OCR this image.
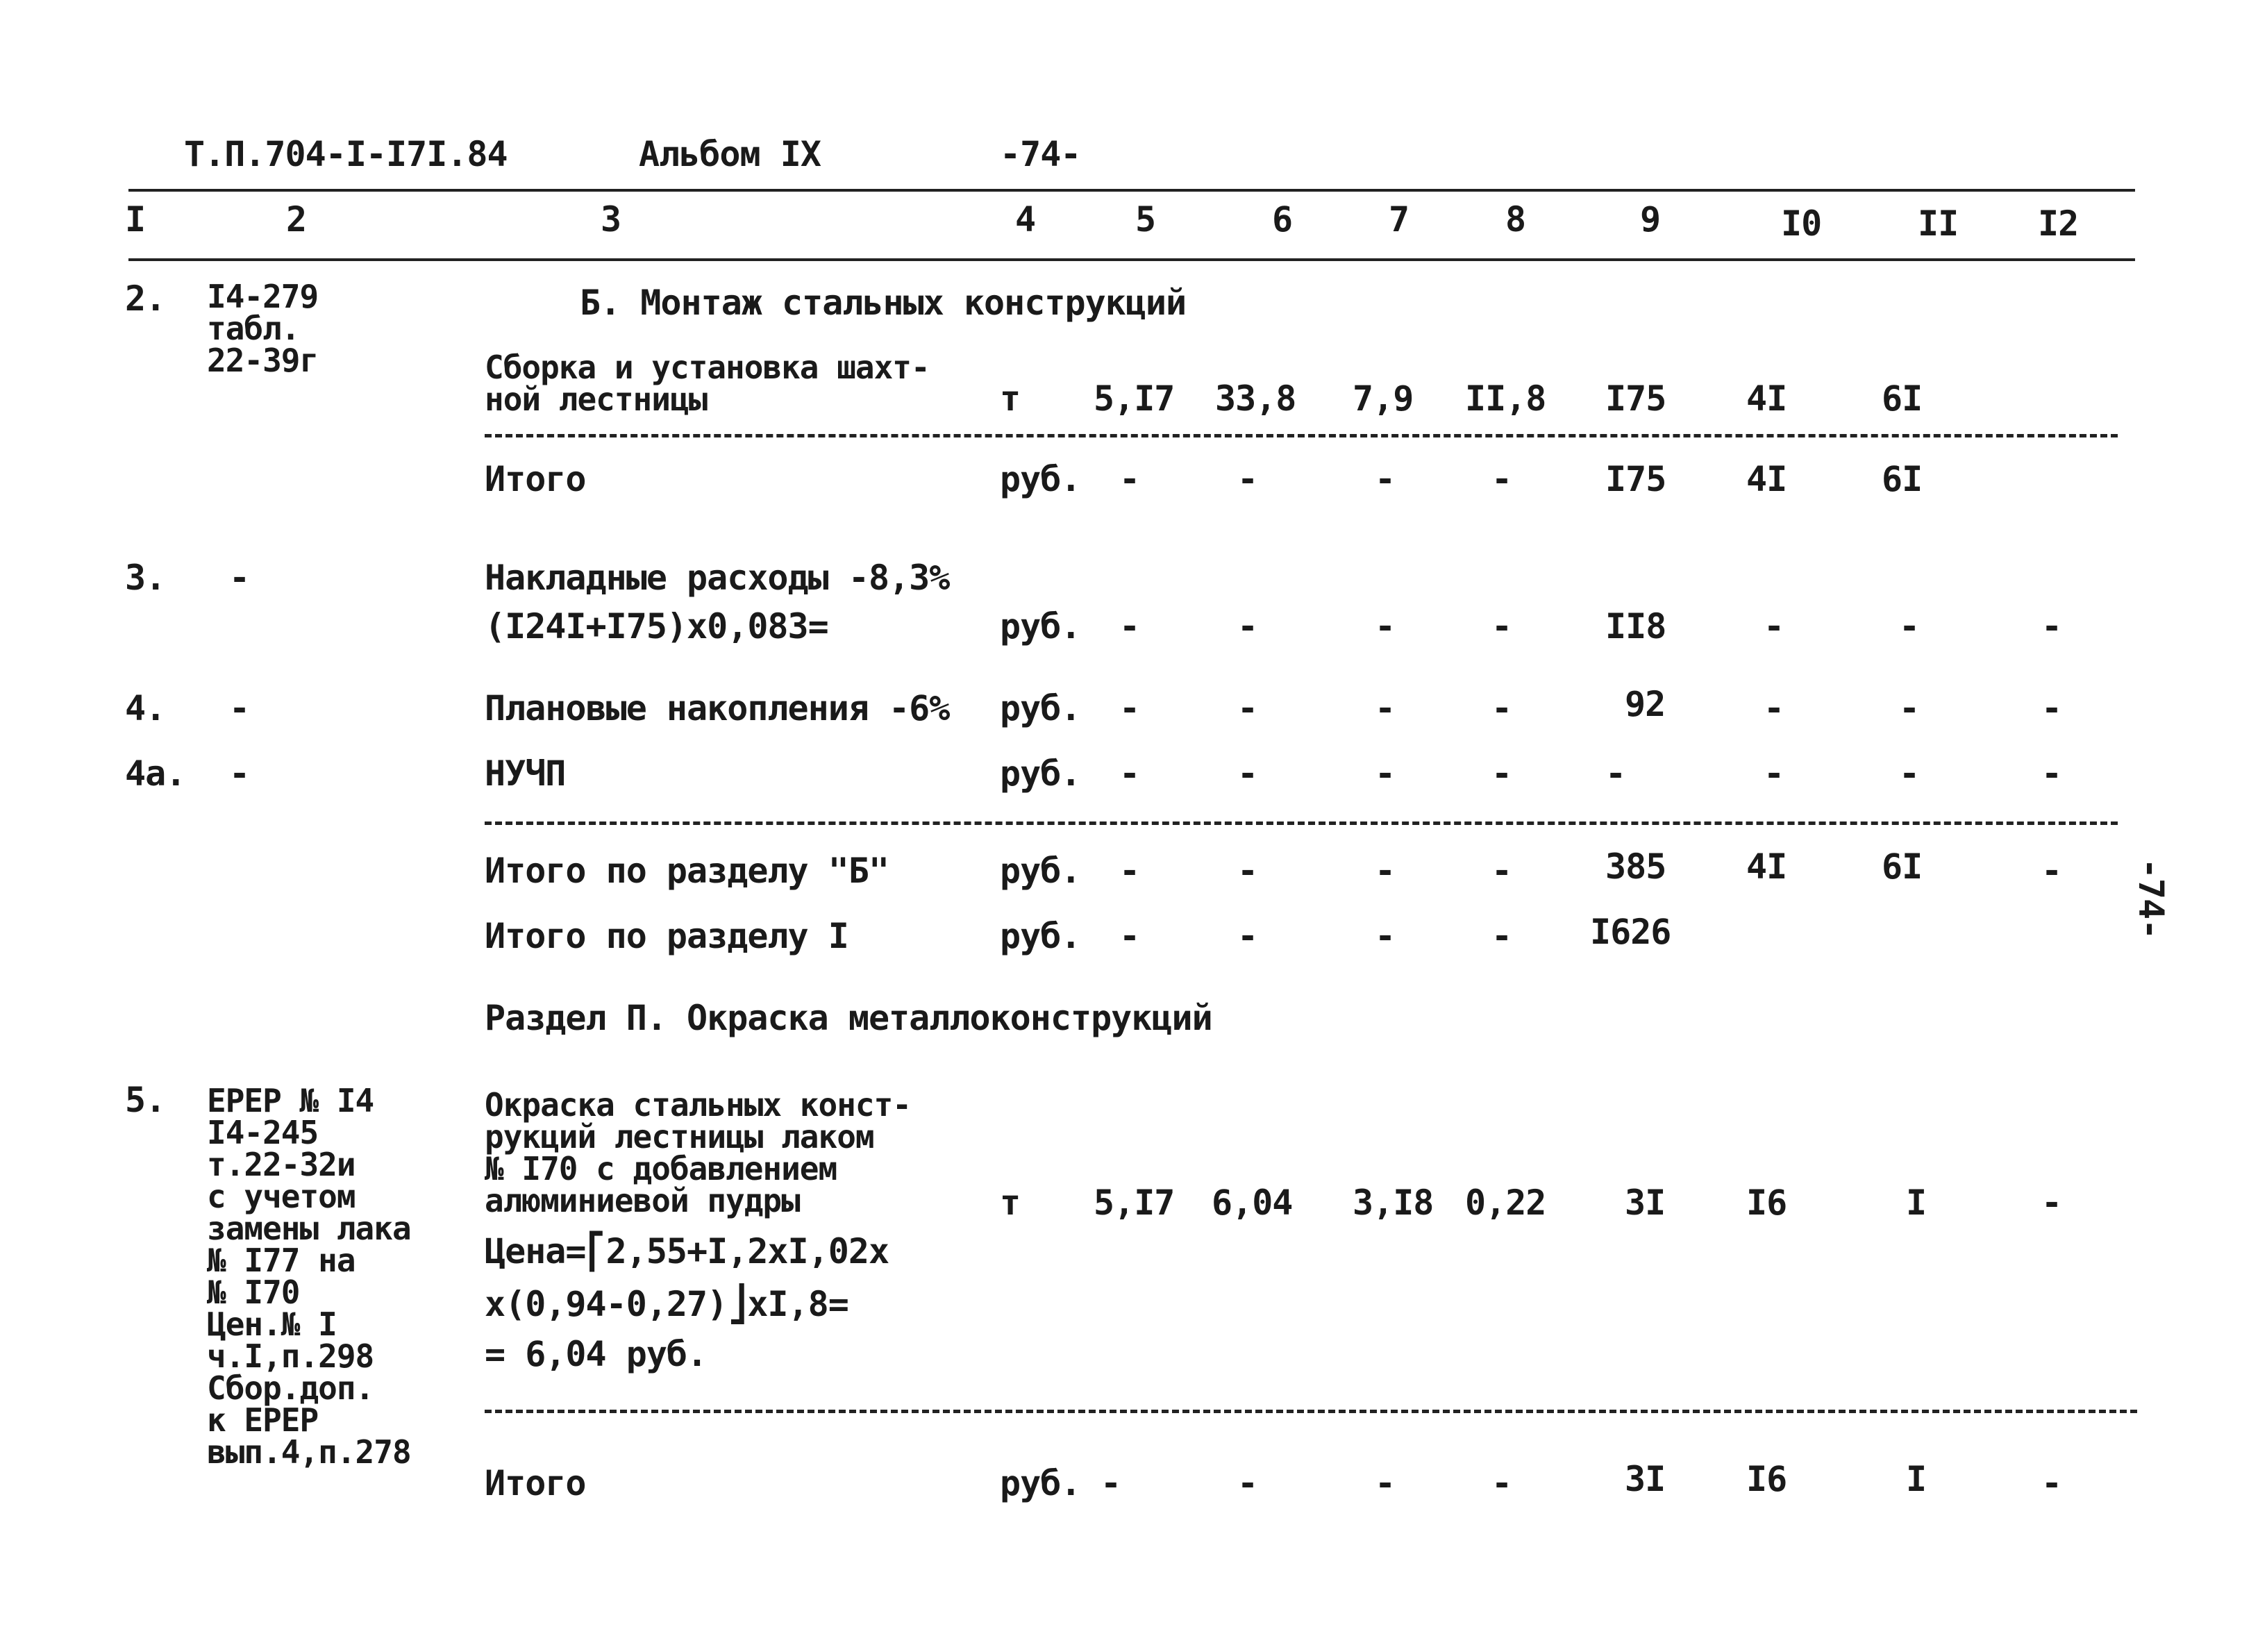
Т.П.704-I-I7I.84	Альбом IX	-74-
I	2	3	4	5	6	7	8	9	I0	II I2
Б. Монтаж стальных конструкций
2. I4-279
табл.
22-39г	Сборка и установка шахт-
ной лестницы	т 5,I7 33,8 7,9 II,8 I75 4I	6I
Итого	руб. -	-	-	-	I75 4I	6I
3. -	Накладные расходы -8,3%
(I24I+I75)x0,083=	руб. -	-	-	-	II8	-	-	-
4. -	Плановые накопления -6% руб. -	-	-	-	92	-	-	-
4а. -	НУЧП	руб. -	-	-	-	-	-	-	-
Итого по разделу "Б"	руб. -	-	-	-	385 4I	6I	-
Итого по разделу I	руб. -	-	-	- I626
Раздел П. Окраска металлоконструкций
5. ЕРЕР № I4
I4-245
т.22-32и
с учетом
замены лака
№ I77 на
№ I70
Цен.№ I
ч.I,п.298
Сбор.доп.
к ЕРЕР
вып.4,п.278
Окраска стальных конст-
рукций лестницы лаком
№ I70 с добавлением
алюминиевой пудры
Цена=⎡2,55+I,2xI,02x
x(0,94-0,27)⎦xI,8=
= 6,04 руб.
т 5,I7 6,04 3,I8 0,22 3I I6	I	-
Итого	руб. -	-	-	-	3I I6	I	-
-74-
